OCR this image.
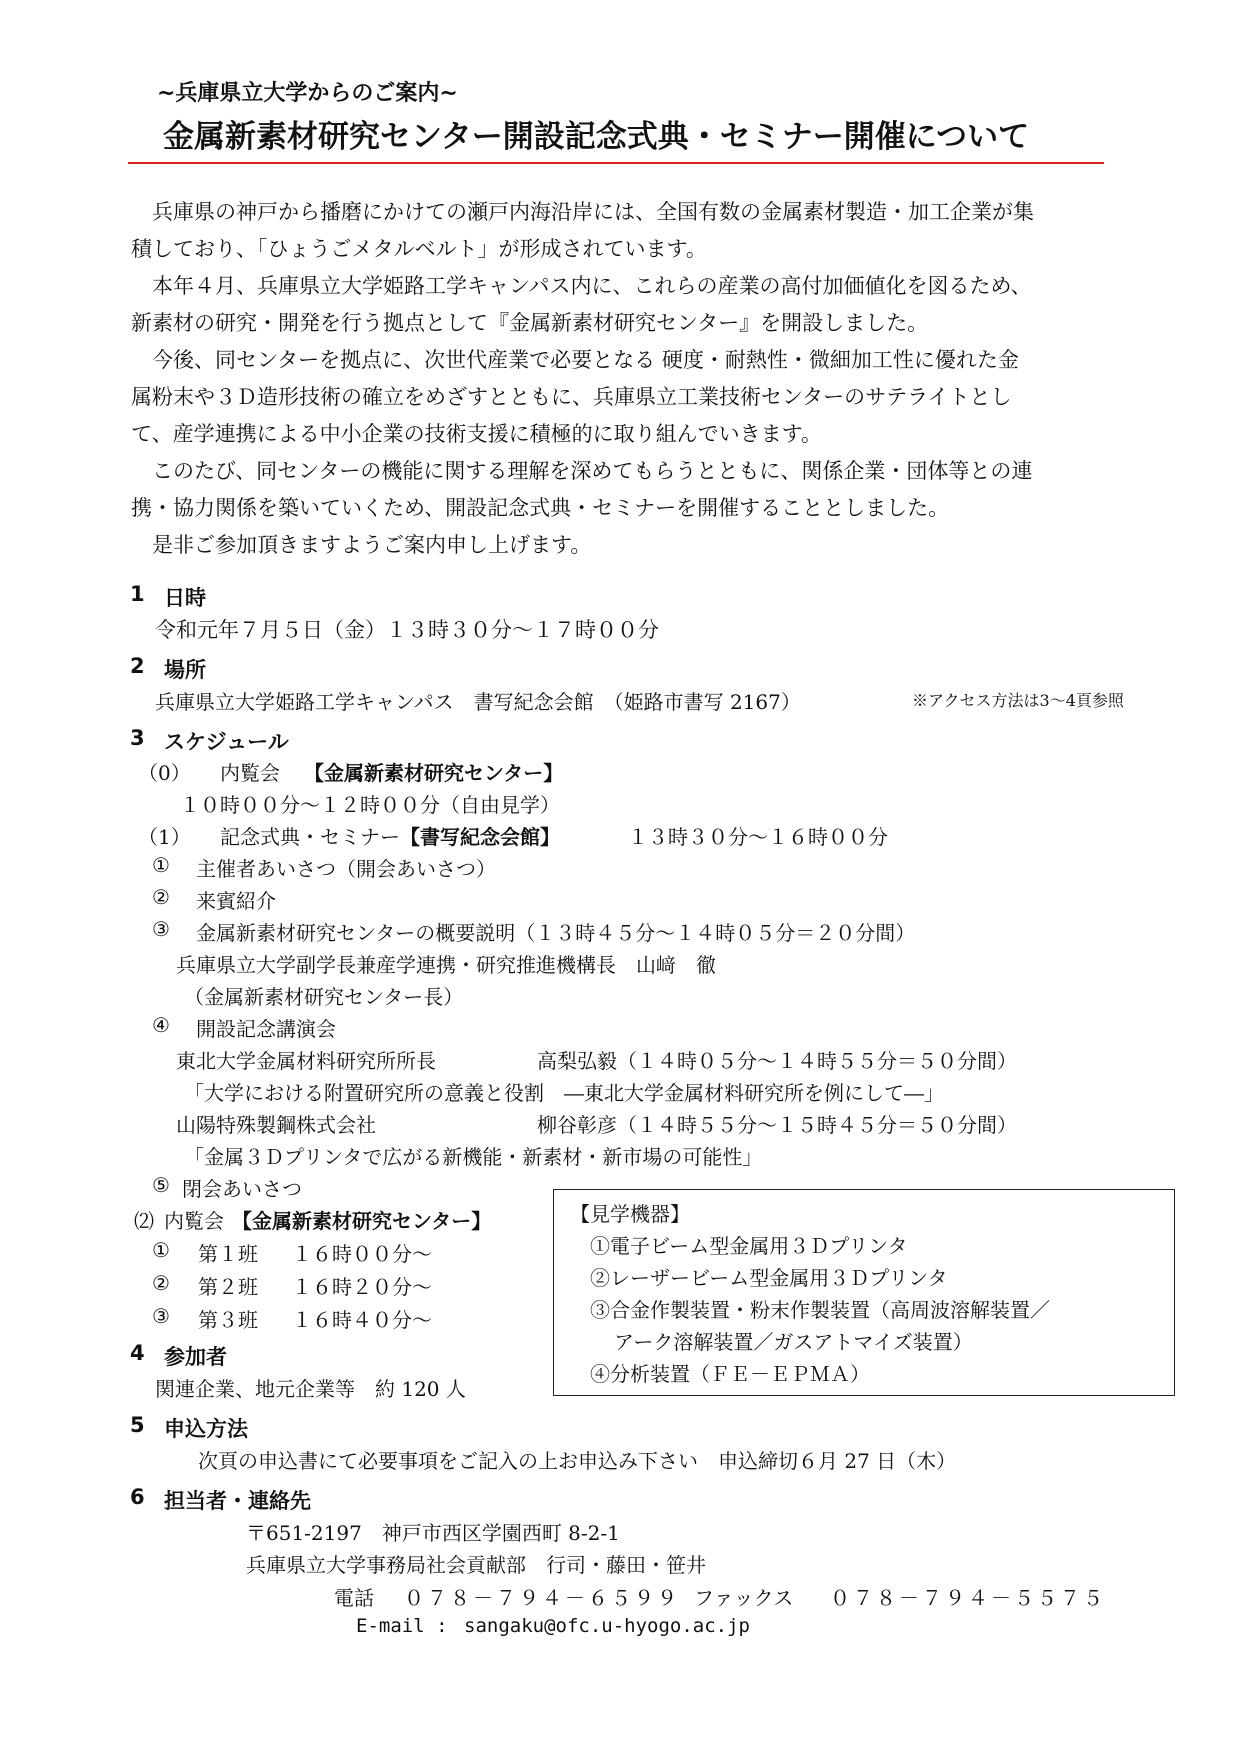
~兵庫県立大学からのご案内~
金属新素材研究センター開設記念式典・セミナー開催について

　兵庫県の神戸から播磨にかけての瀬戸内海沿岸には、全国有数の金属素材製造・加工企業が集

積しており、「ひょうごメタルベルト」が形成されています。

　本年４月、兵庫県立大学姫路工学キャンパス内に、これらの産業の高付加価値化を図るため、

新素材の研究・開発を行う拠点として『金属新素材研究センター』を開設しました。

　今後、同センターを拠点に、次世代産業で必要となる 硬度・耐熱性・微細加工性に優れた金

属粉末や３Ｄ造形技術の確立をめざすとともに、兵庫県立工業技術センターのサテライトとし

て、産学連携による中小企業の技術支援に積極的に取り組んでいきます。

　このたび、同センターの機能に関する理解を深めてもらうとともに、関係企業・団体等との連

携・協力関係を築いていくため、開設記念式典・セミナーを開催することとしました。

　是非ご参加頂きますようご案内申し上げます。

1 日時
令和元年７月５日（金）１３時３０分～１７時００分
2 場所
兵庫県立大学姫路工学キャンパス　書写紀念会館　（姫路市書写 2167）	※アクセス方法は3～4頁参照
3 スケジュール
（0） 内覧会 【金属新素材研究センター】
１０時００分～１２時００分（自由見学）
（1） 記念式典・セミナー 【書写紀念会館】	１３時３０分～１６時００分
① 主催者あいさつ（開会あいさつ）
② 来賓紹介
③ 金属新素材研究センターの概要説明（１３時４５分～１４時０５分＝２０分間）
兵庫県立大学副学長兼産学連携・研究推進機構長　山﨑　徹
（金属新素材研究センター長）
④ 開設記念講演会
東北大学金属材料研究所所長	高梨弘毅（１４時０５分～１４時５５分＝５０分間）
「大学における附置研究所の意義と役割　―東北大学金属材料研究所を例にして―」
山陽特殊製鋼株式会社	柳谷彰彦（１４時５５分～１５時４５分＝５０分間）
「金属３Ｄプリンタで広がる新機能・新素材・新市場の可能性」
⑤ 閉会あいさつ
⑵ 内覧会 【金属新素材研究センター】
① 第１班 １６時００分～
② 第２班 １６時２０分～
③ 第３班 １６時４０分～
【見学機器】
①電子ビーム型金属用３Ｄプリンタ
②レーザービーム型金属用３Ｄプリンタ
③合金作製装置・粉末作製装置（高周波溶解装置／
アーク溶解装置／ガスアトマイズ装置）
④分析装置（ＦＥ－ＥＰＭＡ）
4 参加者
関連企業、地元企業等　約 120 人
5 申込方法
次頁の申込書にて必要事項をご記入の上お申込み下さい　申込締切６月 27 日（木）
6 担当者・連絡先
〒651-2197　神戸市西区学園西町 8-2-1
兵庫県立大学事務局社会貢献部　行司・藤田・笹井
電話 ０７８－７９４－６５９９ ファックス ０７８－７９４－５５７５
E-mail : sangaku@ofc.u-hyogo.ac.jp
